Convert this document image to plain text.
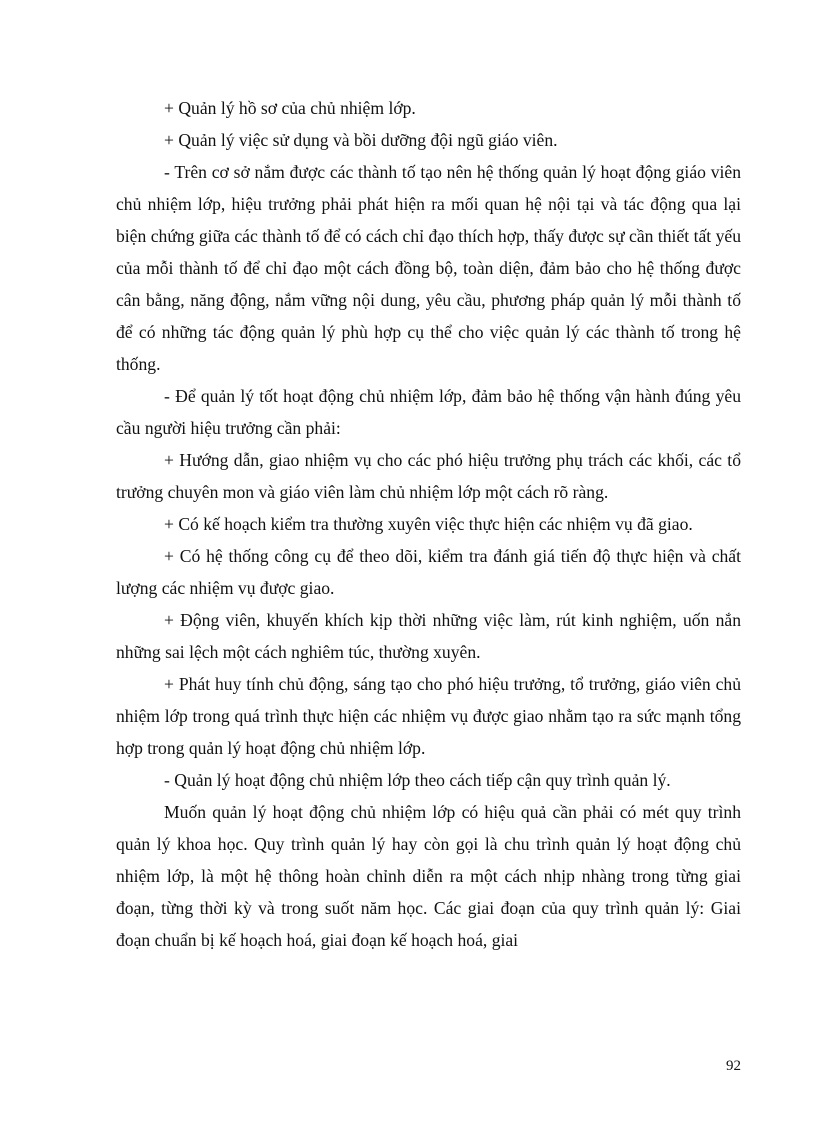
+ Quản lý hồ sơ của chủ nhiệm lớp.

+ Quản lý việc sử dụng và bồi dưỡng đội ngũ giáo viên.

- Trên cơ sở nắm được các thành tố tạo nên hệ thống quản lý hoạt động giáo viên chủ nhiệm lớp, hiệu trưởng phải phát hiện ra mối quan hệ nội tại và tác động qua lại biện chứng giữa các thành tố để có cách chỉ đạo thích hợp, thấy được sự cần thiết tất yếu của mỗi thành tố để chỉ đạo một cách đồng bộ, toàn diện, đảm bảo cho hệ thống được cân bằng, năng động, nắm vững nội dung, yêu cầu, phương pháp quản lý mỗi thành tố để có những tác động quản lý phù hợp cụ thể cho việc quản lý các thành tố trong hệ thống.

- Để quản lý tốt hoạt động chủ nhiệm lớp, đảm bảo hệ thống vận hành đúng yêu cầu người hiệu trưởng cần phải:

+ Hướng dẫn, giao nhiệm vụ cho các phó hiệu trưởng phụ trách các khối, các tổ trưởng chuyên mon và giáo viên làm chủ nhiệm lớp một cách rõ ràng.

+ Có kế hoạch kiểm tra thường xuyên việc thực hiện các nhiệm vụ đã giao.

+ Có hệ thống công cụ để theo dõi, kiểm tra đánh giá tiến độ thực hiện và chất lượng các nhiệm vụ được giao.

+ Động viên, khuyến khích kịp thời những việc làm, rút kinh nghiệm, uốn nắn những sai lệch một cách nghiêm túc, thường xuyên.

+ Phát huy tính chủ động, sáng tạo cho phó hiệu trưởng, tổ trưởng, giáo viên chủ nhiệm lớp trong quá trình thực hiện các nhiệm vụ được giao nhằm tạo ra sức mạnh tổng hợp trong quản lý hoạt động chủ nhiệm lớp.

- Quản lý hoạt động chủ nhiệm lớp theo cách tiếp cận quy trình quản lý.

Muốn quản lý hoạt động chủ nhiệm lớp có hiệu quả cần phải có mét quy trình quản lý khoa học. Quy trình quản lý hay còn gọi là chu trình quản lý hoạt động chủ nhiệm lớp, là một hệ thông hoàn chỉnh diễn ra một cách nhịp nhàng trong từng giai đoạn, từng thời kỳ và trong suốt năm học. Các giai đoạn của quy trình quản lý: Giai đoạn chuẩn bị kế hoạch hoá, giai đoạn kế hoạch hoá, giai

92
